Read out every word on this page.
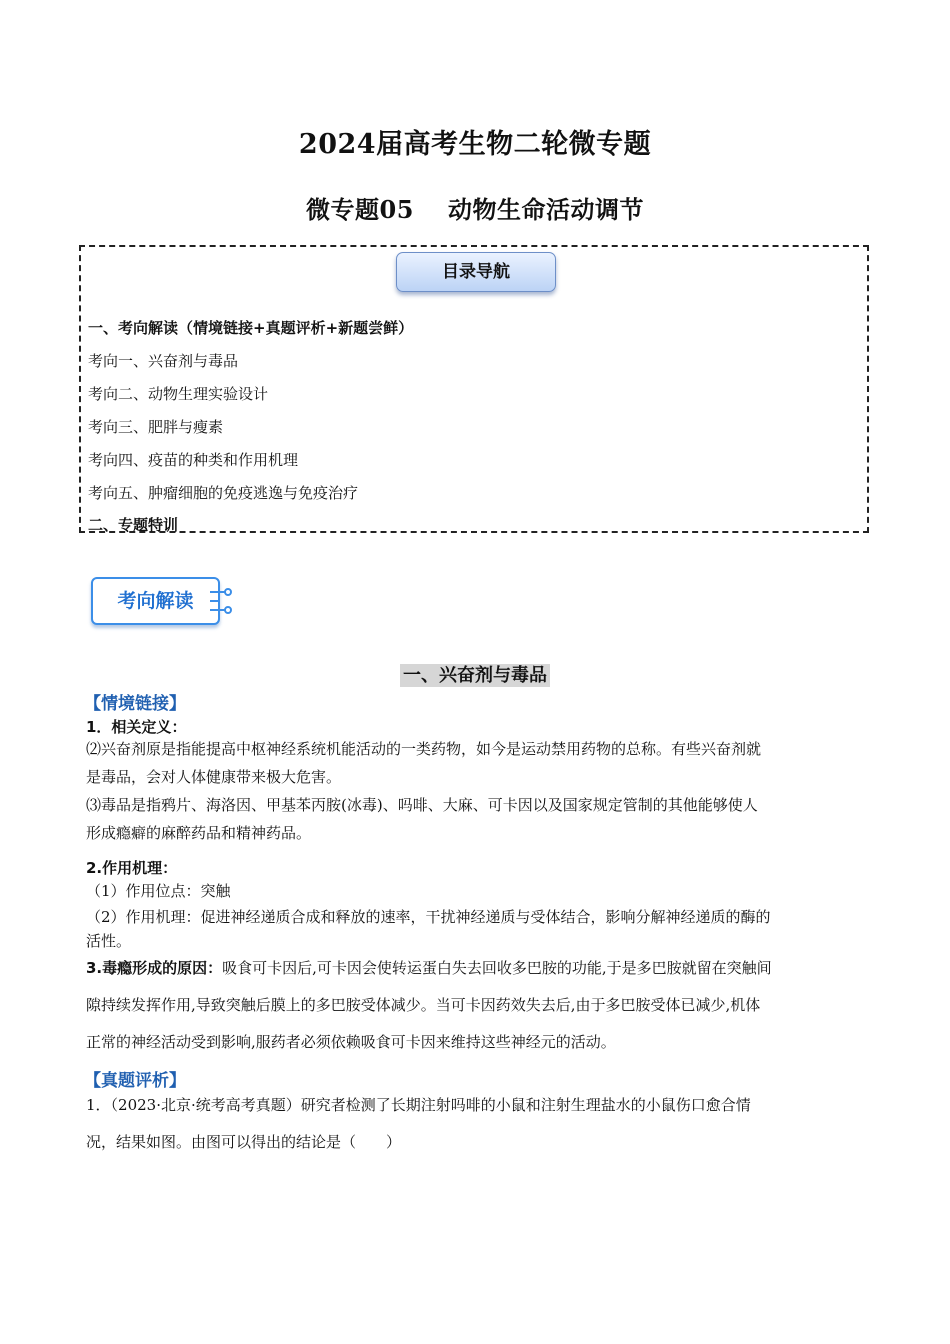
2024届高考生物二轮微专题
微专题05 动物生命活动调节
目录导航
一、考向解读（情境链接+真题评析+新题尝鲜）
考向一、兴奋剂与毒品
考向二、动物生理实验设计
考向三、肥胖与瘦素
考向四、疫苗的种类和作用机理
考向五、肿瘤细胞的免疫逃逸与免疫治疗
二、专题特训
考向解读
一、兴奋剂与毒品
【情境链接】
1．相关定义：
⑵兴奋剂原是指能提高中枢神经系统机能活动的一类药物，如今是运动禁用药物的总称。有些兴奋剂就
是毒品，会对人体健康带来极大危害。
⑶毒品是指鸦片、海洛因、甲基苯丙胺(冰毒)、吗啡、大麻、可卡因以及国家规定管制的其他能够使人
形成瘾癖的麻醉药品和精神药品。
2.作用机理：
（1）作用位点：突触
（2）作用机理：促进神经递质合成和释放的速率，干扰神经递质与受体结合，影响分解神经递质的酶的
活性。
3.毒瘾形成的原因：吸食可卡因后,可卡因会使转运蛋白失去回收多巴胺的功能,于是多巴胺就留在突触间
隙持续发挥作用,导致突触后膜上的多巴胺受体减少。当可卡因药效失去后,由于多巴胺受体已减少,机体
正常的神经活动受到影响,服药者必须依赖吸食可卡因来维持这些神经元的活动。
【真题评析】
1．（2023·北京·统考高考真题）研究者检测了长期注射吗啡的小鼠和注射生理盐水的小鼠伤口愈合情
况，结果如图。由图可以得出的结论是（　　）
